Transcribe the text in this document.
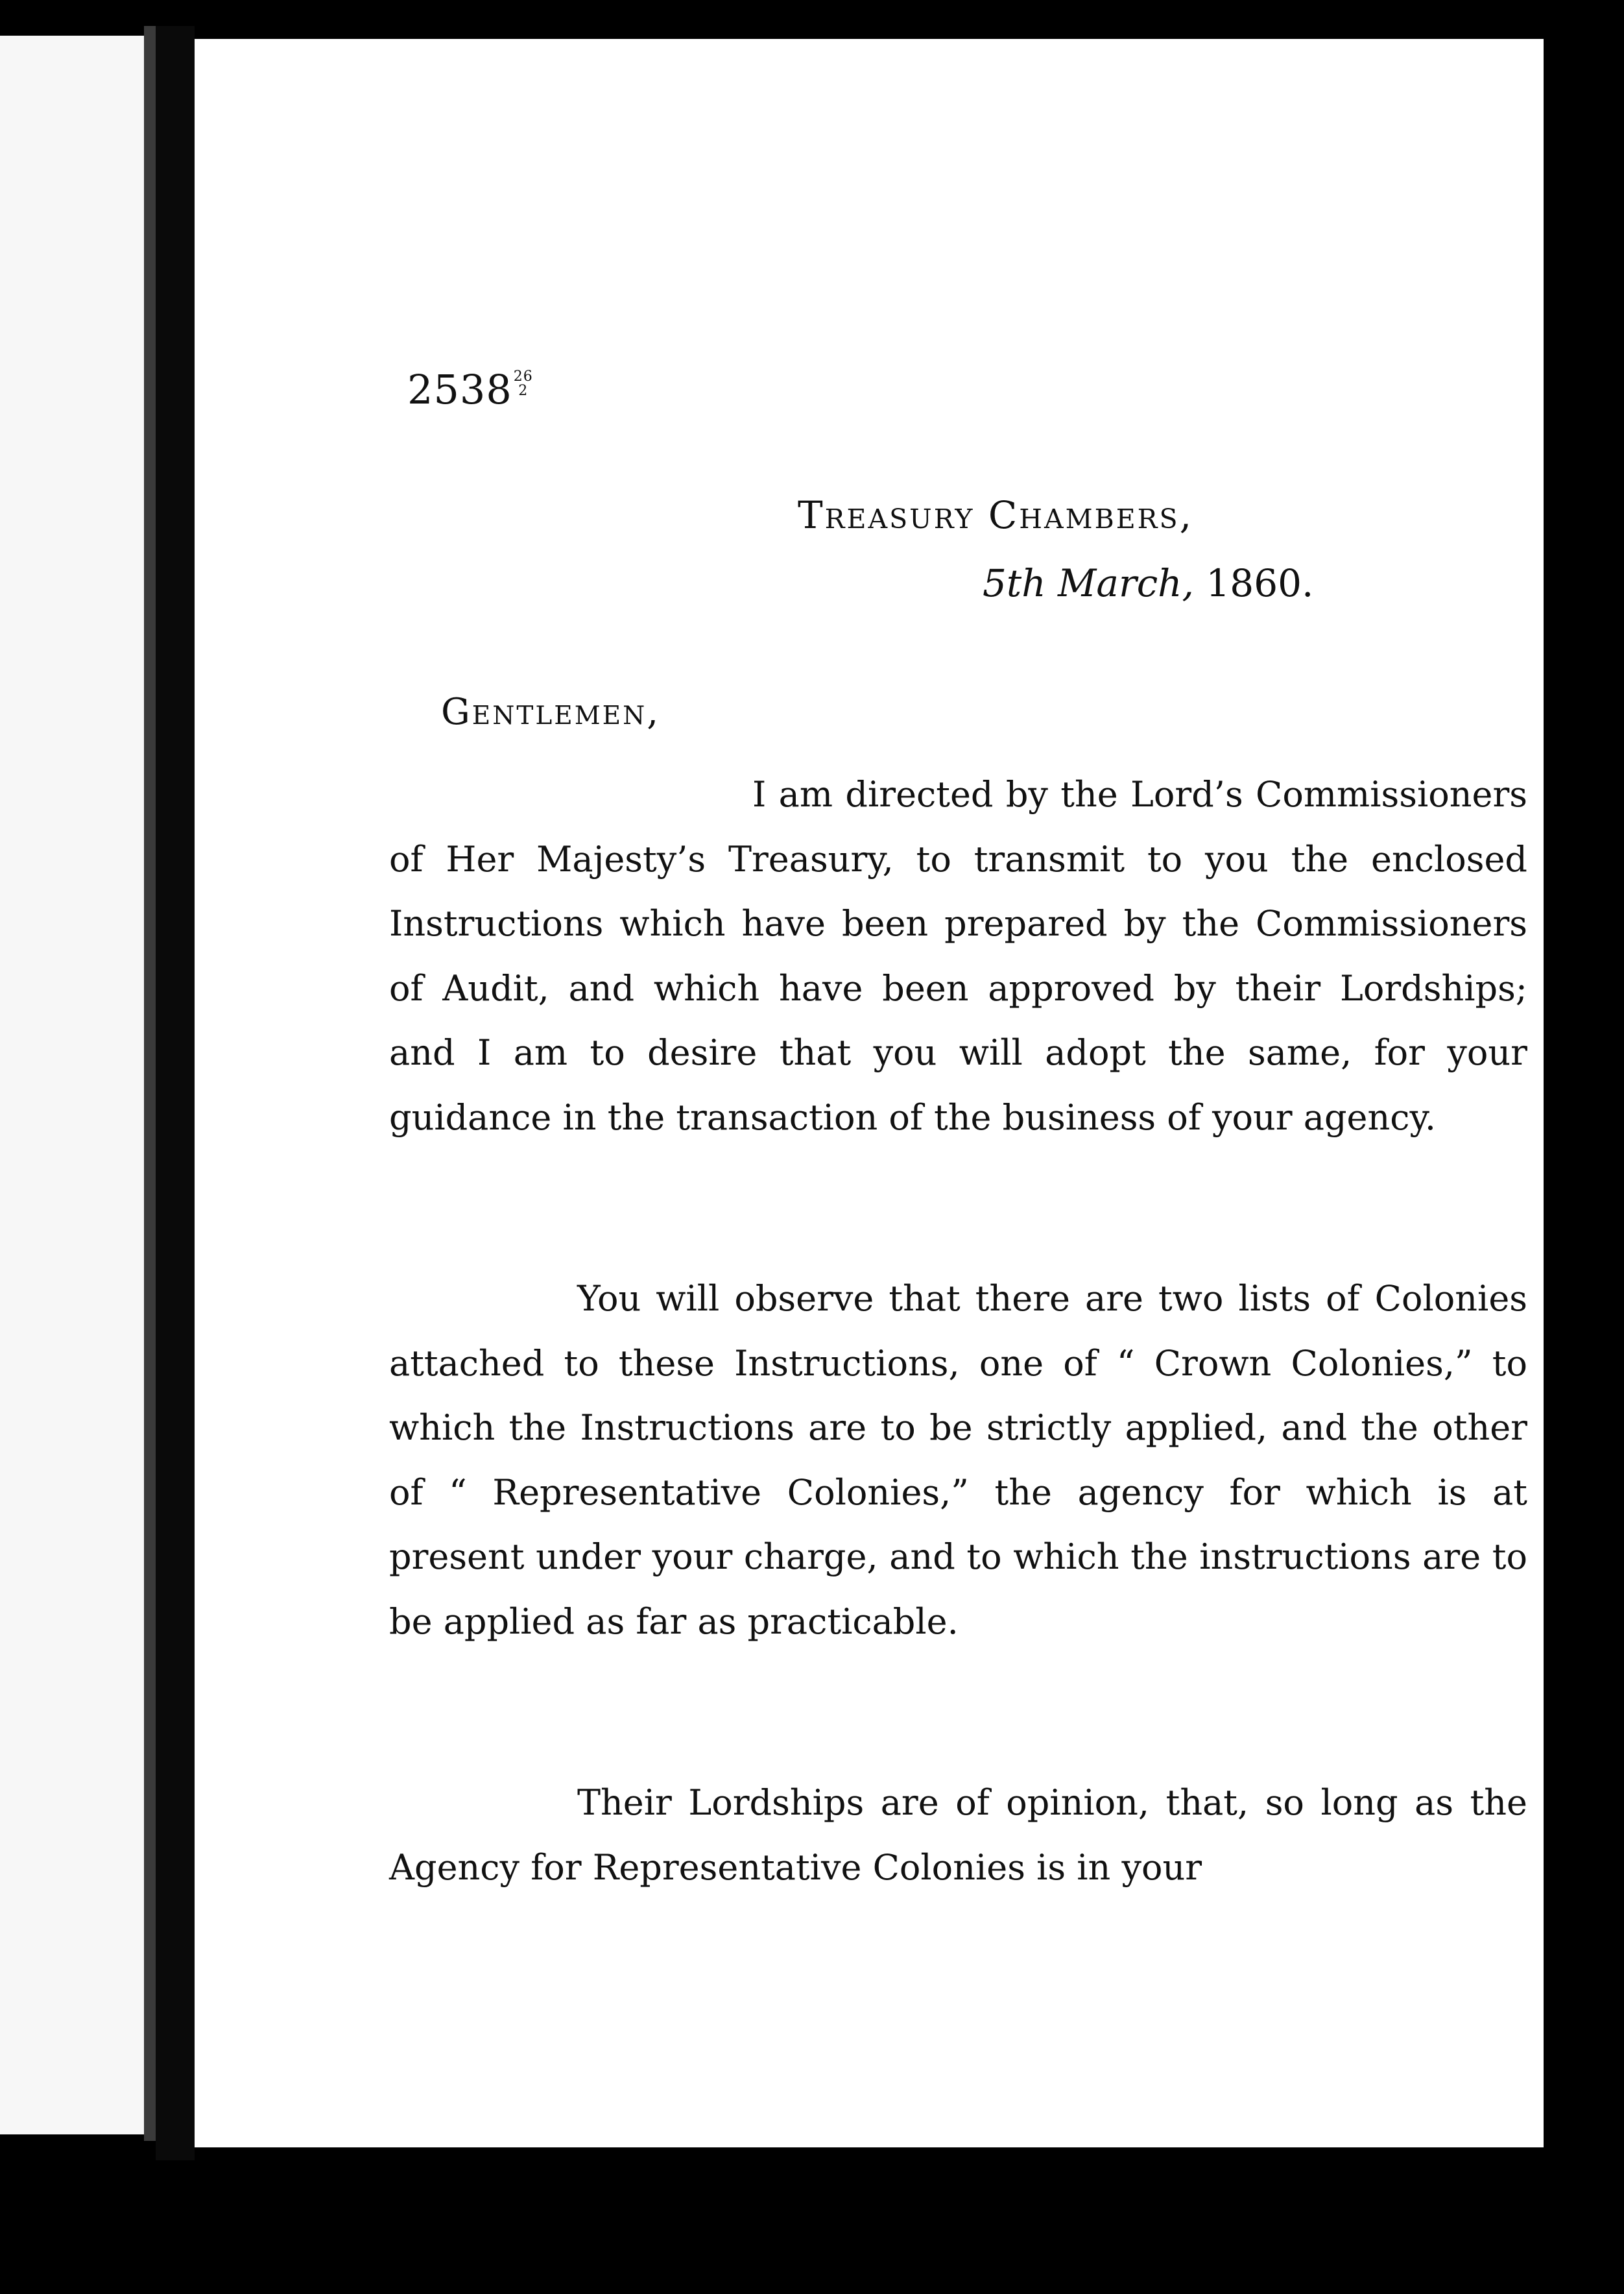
2538 26
2
Treasury Chambers,
5th March, 1860.
Gentlemen,

I am directed by the Lord’s Commissioners of Her Majesty’s Treasury, to transmit to you the enclosed Instructions which have been prepared by the Commissioners of Audit, and which have been approved by their Lordships; and I am to desire that you will adopt the same, for your guidance in the transaction of the business of your agency.

You will observe that there are two lists of Colonies attached to these Instructions, one of “ Crown Colonies,” to which the Instructions are to be strictly applied, and the other of “ Representative Colonies,” the agency for which is at present under your charge, and to which the instructions are to be applied as far as practicable.

Their Lordships are of opinion, that, so long as the Agency for Representative Colonies is in your
